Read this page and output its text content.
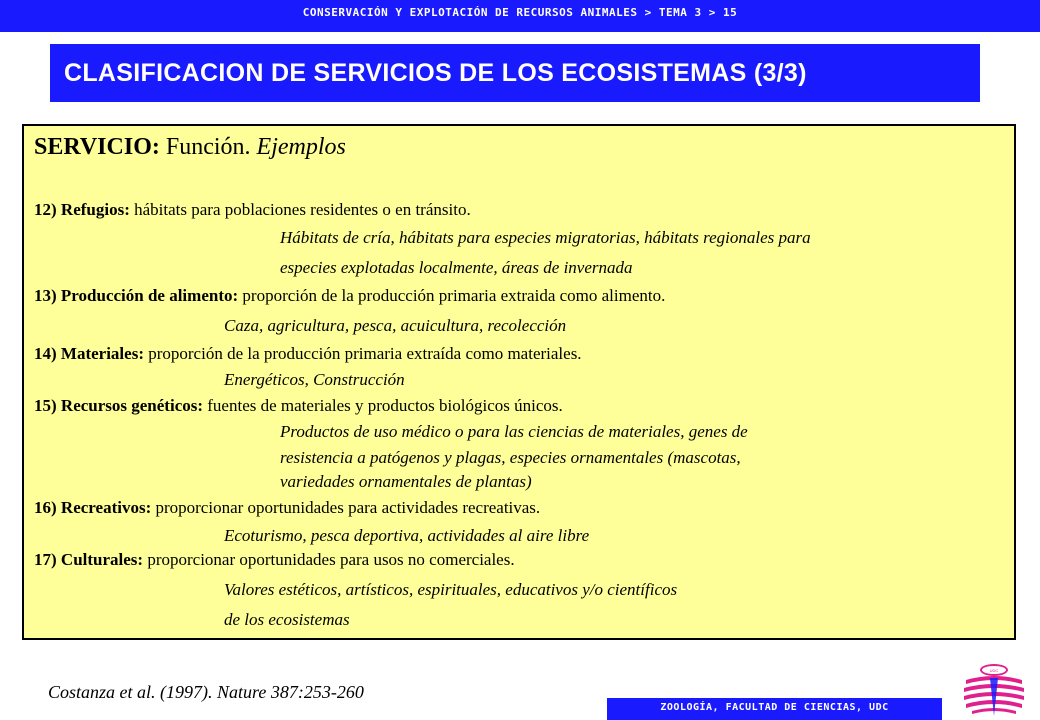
CONSERVACIÓN Y EXPLOTACIÓN DE RECURSOS ANIMALES > TEMA 3 > 15
CLASIFICACION DE SERVICIOS DE LOS ECOSISTEMAS (3/3)
SERVICIO: Función. Ejemplos
12) Refugios: hábitats para poblaciones residentes o en tránsito.
Hábitats de cría, hábitats para especies migratorias, hábitats regionales para
especies explotadas localmente, áreas de invernada
13) Producción de alimento: proporción de la producción primaria extraida como alimento.
Caza, agricultura, pesca, acuicultura, recolección
14) Materiales: proporción de la producción primaria extraída como materiales.
Energéticos, Construcción
15) Recursos genéticos: fuentes de materiales y productos biológicos únicos.
Productos de uso médico o para las ciencias de materiales, genes de
resistencia a patógenos y plagas, especies ornamentales (mascotas,
variedades ornamentales de plantas)
16) Recreativos: proporcionar oportunidades para actividades recreativas.
Ecoturismo, pesca deportiva, actividades al aire libre
17) Culturales: proporcionar oportunidades para usos no comerciales.
Valores estéticos, artísticos, espirituales, educativos y/o científicos
de los ecosistemas
Costanza et al. (1997). Nature 387:253-260
ZOOLOGÍA, FACULTAD DE CIENCIAS, UDC
UDC
